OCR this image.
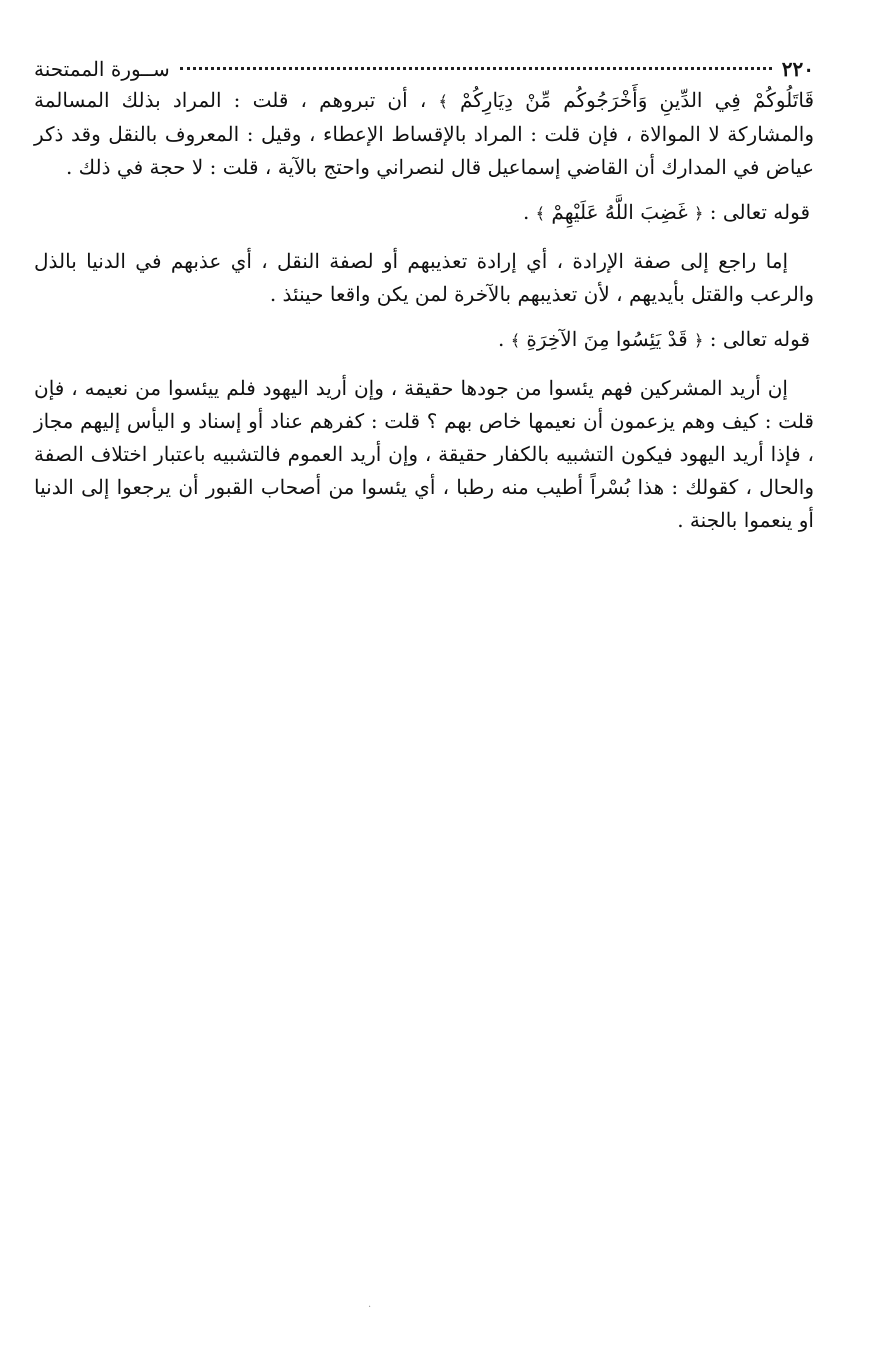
٢٢٠
ســورة الممتحنة

قَاتَلُوكُمْ فِي الدِّينِ وَأَخْرَجُوكُم مِّنْ دِيَارِكُمْ ﴾ ، أن تبروهم ، قلت : المراد بذلك المسالمة والمشاركة لا الموالاة ، فإن قلت : المراد بالإقساط الإعطاء ، وقيل : المعروف بالنقل وقد ذكر عياض في المدارك أن القاضي إسماعيل قال لنصراني واحتج بالآية ، قلت : لا حجة في ذلك .

قوله تعالى : ﴿ غَضِبَ اللَّهُ عَلَيْهِمْ ﴾ .

إما راجع إلى صفة الإرادة ، أي إرادة تعذيبهم أو لصفة النقل ، أي عذبهم في الدنيا بالذل والرعب والقتل بأيديهم ، لأن تعذيبهم بالآخرة لمن يكن واقعا حينئذ .

قوله تعالى : ﴿ قَدْ يَئِسُوا مِنَ الآخِرَةِ ﴾ .

إن أريد المشركين فهم يئسوا من جودها حقيقة ، وإن أريد اليهود فلم ييئسوا من نعيمه ، فإن قلت : كيف وهم يزعمون أن نعيمها خاص بهم ؟ قلت : كفرهم عناد أو إسناد و اليأس إليهم مجاز ، فإذا أريد اليهود فيكون التشبيه بالكفار حقيقة ، وإن أريد العموم فالتشبيه باعتبار اختلاف الصفة والحال ، كقولك : هذا بُسْراً أطيب منه رطبا ، أي يئسوا من أصحاب القبور أن يرجعوا إلى الدنيا أو ينعموا بالجنة .

·
